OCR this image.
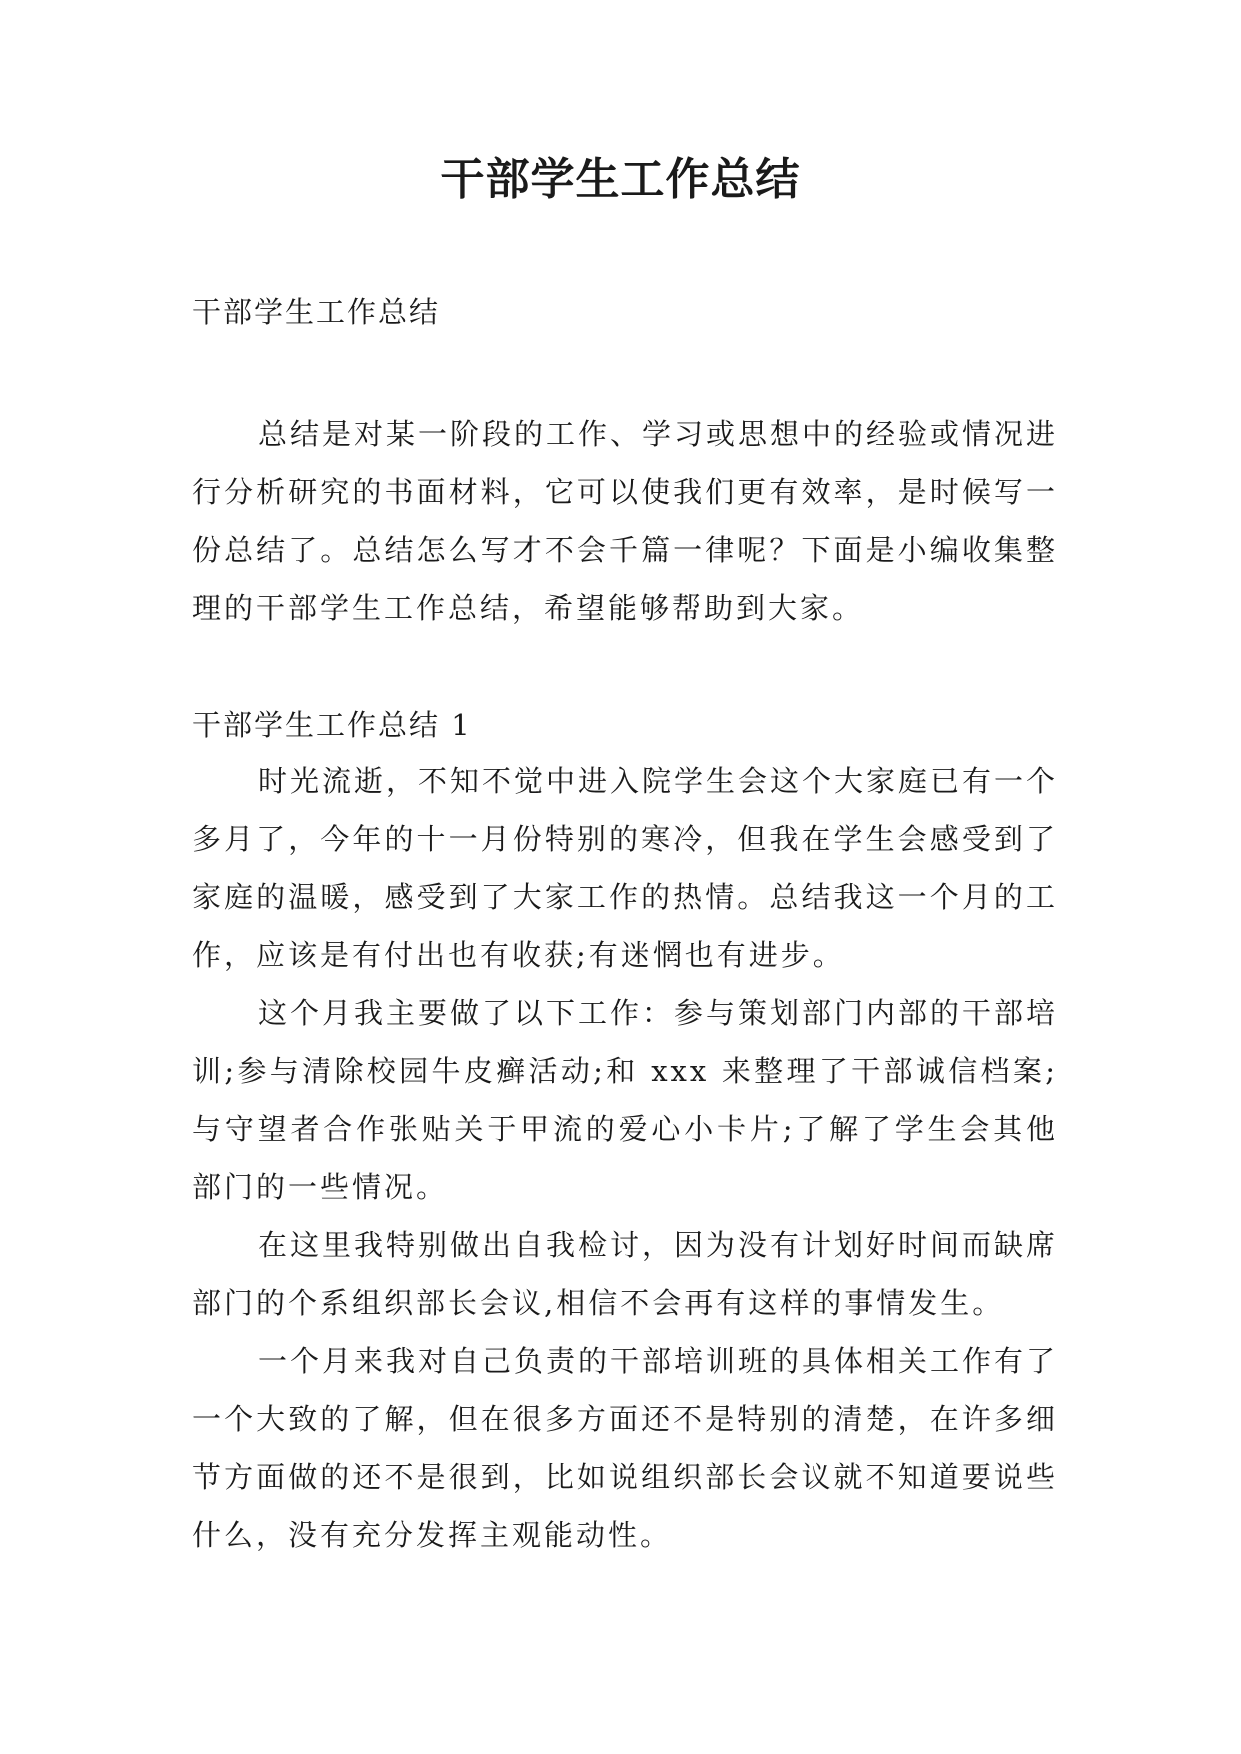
干部学生工作总结

干部学生工作总结

总结是对某一阶段的工作、学习或思想中的经验或情况进行分析研究的书面材料，它可以使我们更有效率，是时候写一份总结了。总结怎么写才不会千篇一律呢？下面是小编收集整理的干部学生工作总结，希望能够帮助到大家。

干部学生工作总结 1

时光流逝，不知不觉中进入院学生会这个大家庭已有一个多月了，今年的十一月份特别的寒冷，但我在学生会感受到了家庭的温暖，感受到了大家工作的热情。总结我这一个月的工作，应该是有付出也有收获;有迷惘也有进步。

这个月我主要做了以下工作：参与策划部门内部的干部培训;参与清除校园牛皮癣活动;和 xxx 来整理了干部诚信档案;与守望者合作张贴关于甲流的爱心小卡片;了解了学生会其他部门的一些情况。

在这里我特别做出自我检讨，因为没有计划好时间而缺席部门的个系组织部长会议,相信不会再有这样的事情发生。

一个月来我对自己负责的干部培训班的具体相关工作有了一个大致的了解，但在很多方面还不是特别的清楚，在许多细节方面做的还不是很到，比如说组织部长会议就不知道要说些什么，没有充分发挥主观能动性。
